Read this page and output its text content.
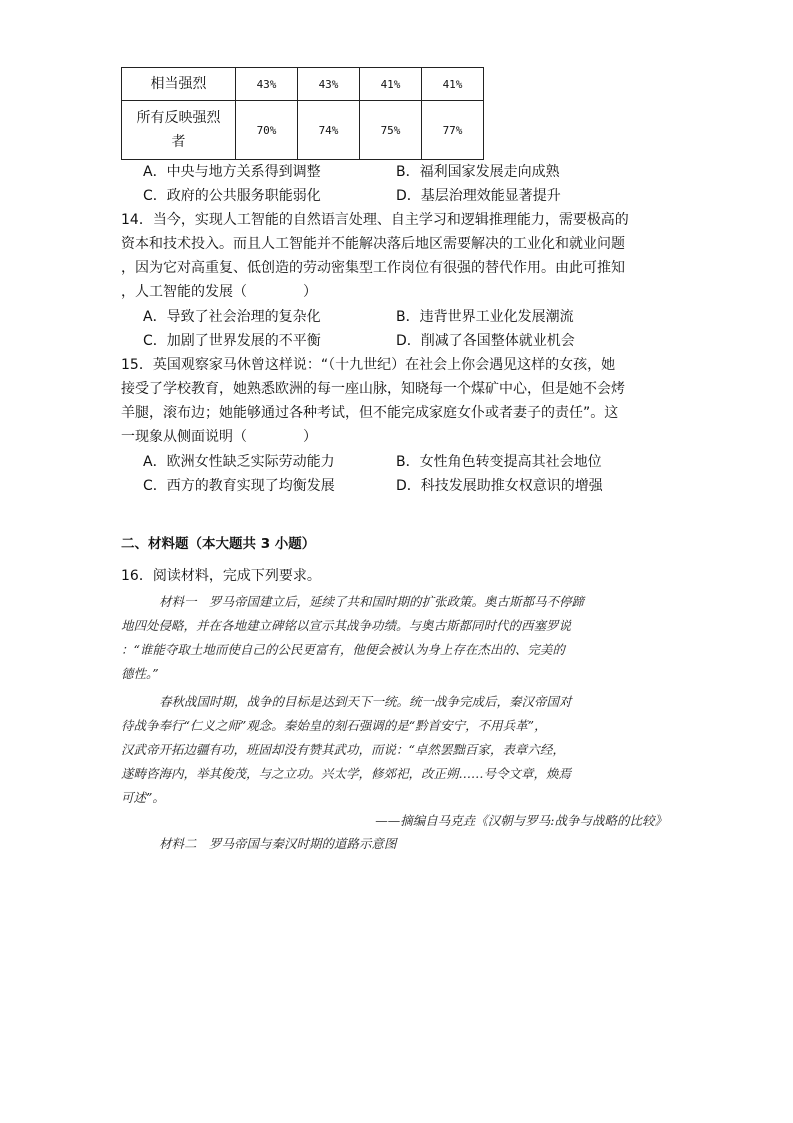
相当强烈	43%	43%	41%	41%
所有反映强烈
者	70%	74%	75%	77%
A．中央与地方关系得到调整	B．福利国家发展走向成熟
C．政府的公共服务职能弱化	D．基层治理效能显著提升
14．当今，实现人工智能的自然语言处理、自主学习和逻辑推理能力，需要极高的
资本和技术投入。而且人工智能并不能解决落后地区需要解决的工业化和就业问题
，因为它对高重复、低创造的劳动密集型工作岗位有很强的替代作用。由此可推知
，人工智能的发展（　　　　）
A．导致了社会治理的复杂化	B．违背世界工业化发展潮流
C．加剧了世界发展的不平衡	D．削减了各国整体就业机会
15．英国观察家马休曾这样说：“（十九世纪）在社会上你会遇见这样的女孩，她
接受了学校教育，她熟悉欧洲的每一座山脉，知晓每一个煤矿中心，但是她不会烤
羊腿，滚布边；她能够通过各种考试，但不能完成家庭女仆或者妻子的责任”。这
一现象从侧面说明（　　　　）
A．欧洲女性缺乏实际劳动能力	B．女性角色转变提高其社会地位
C．西方的教育实现了均衡发展	D．科技发展助推女权意识的增强
二、材料题（本大题共 3 小题）
16．阅读材料，完成下列要求。
材料一　罗马帝国建立后，延续了共和国时期的扩张政策。奥古斯都马不停蹄
地四处侵略，并在各地建立碑铭以宣示其战争功绩。与奥古斯都同时代的西塞罗说
：“谁能夺取土地而使自己的公民更富有，他便会被认为身上存在杰出的、完美的
德性。”
春秋战国时期，战争的目标是达到天下一统。统一战争完成后，秦汉帝国对
待战争奉行“仁义之师”观念。秦始皇的刻石强调的是“黔首安宁，不用兵革”，
汉武帝开拓边疆有功，班固却没有赞其武功，而说：“卓然罢黜百家，表章六经，
遂畴咨海内，举其俊茂，与之立功。兴太学，修郊祀，改正朔……号令文章，焕焉
可述”。
——摘编自马克垚《汉朝与罗马:战争与战略的比较》
材料二　罗马帝国与秦汉时期的道路示意图
